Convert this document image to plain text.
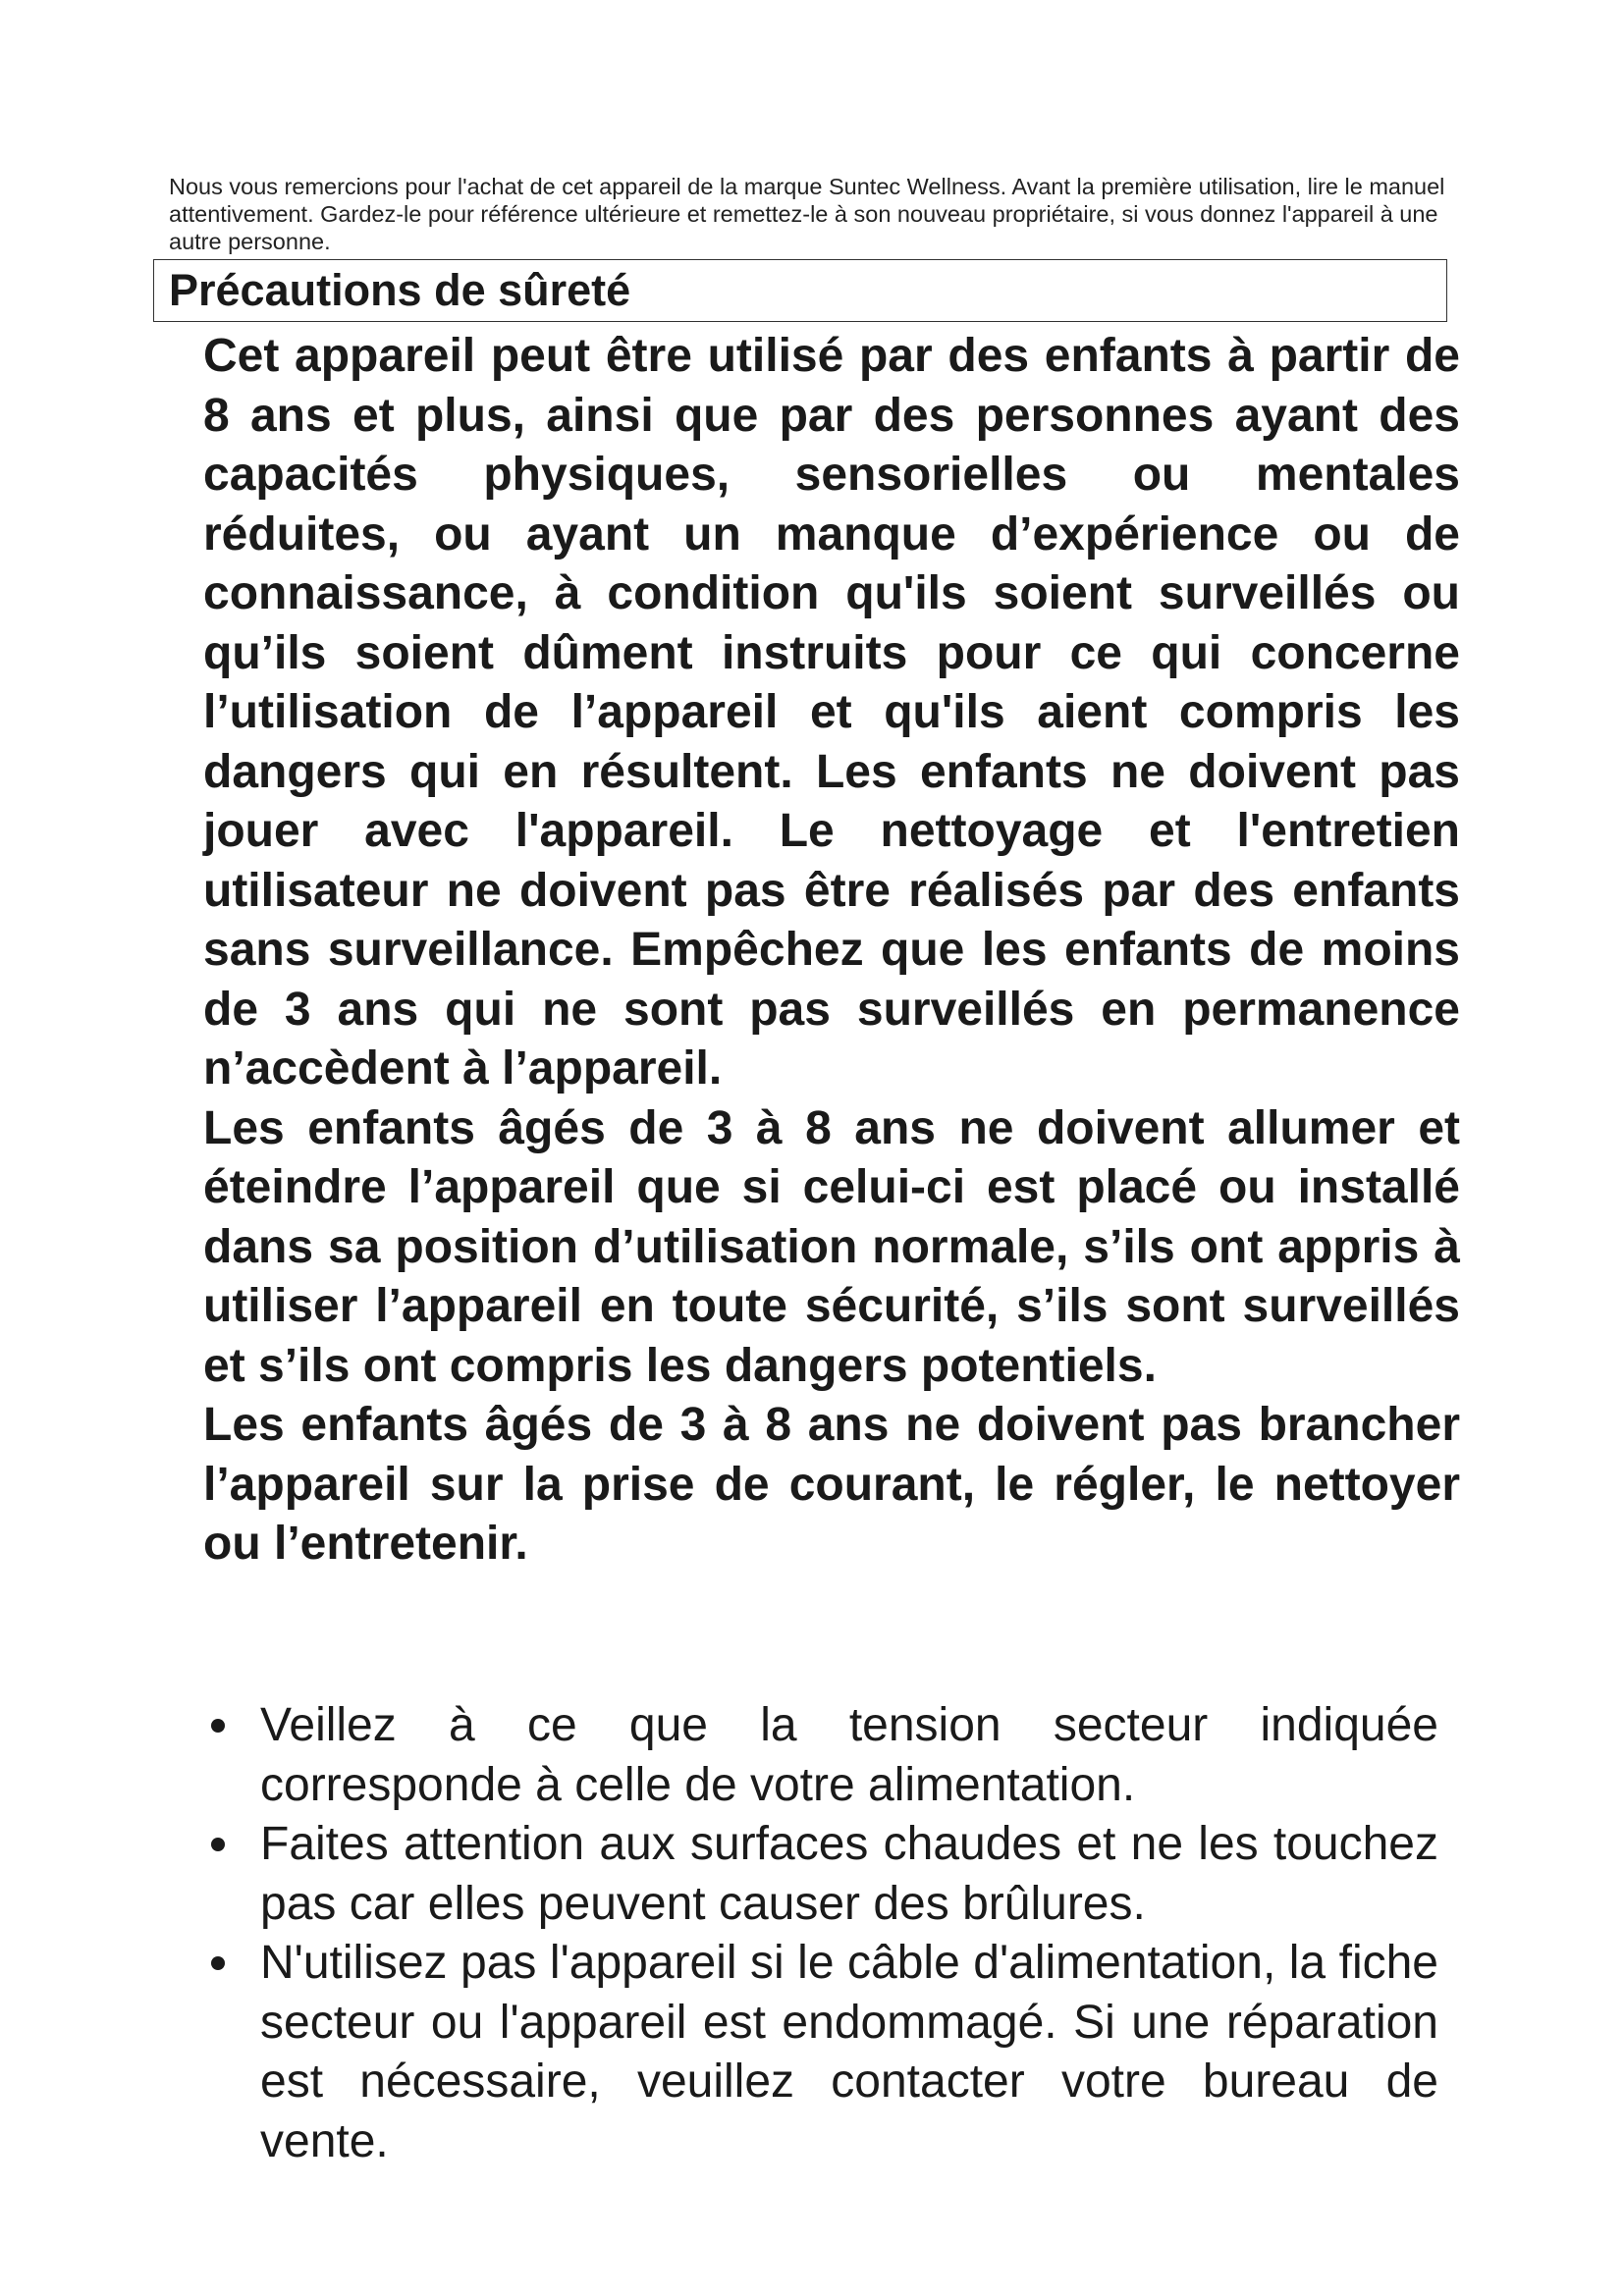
Nous vous remercions pour l'achat de cet appareil de la marque Suntec Wellness. Avant la première utilisation, lire le manuel attentivement. Gardez-le pour référence ultérieure et remettez-le à son nouveau propriétaire, si vous donnez l'appareil à une autre personne.

Précautions de sûreté

Cet appareil peut être utilisé par des enfants à partir de 8 ans et plus, ainsi que par des personnes ayant des capacités physiques, sensorielles ou mentales réduites, ou ayant un manque d’expérience ou de connaissance, à condition qu'ils soient surveillés ou qu’ils soient dûment instruits pour ce qui concerne l’utilisation de l’appareil et qu'ils aient compris les dangers qui en résultent. Les enfants ne doivent pas jouer avec l'appareil. Le nettoyage et l'entretien utilisateur ne doivent pas être réalisés par des enfants sans surveillance. Empêchez que les enfants de moins de 3 ans qui ne sont pas surveillés en permanence n’accèdent à l’appareil.

Les enfants âgés de 3 à 8 ans ne doivent allumer et éteindre l’appareil que si celui-ci est placé ou installé dans sa position d’utilisation normale, s’ils ont appris à utiliser l’appareil en toute sécurité, s’ils sont surveillés et s’ils ont compris les dangers potentiels.

Les enfants âgés de 3 à 8 ans ne doivent pas brancher l’appareil sur la prise de courant, le régler, le nettoyer ou l’entretenir.

Veillez à ce que la tension secteur indiquée corresponde à celle de votre alimentation.
Faites attention aux surfaces chaudes et ne les touchez pas car elles peuvent causer des brûlures.
N'utilisez pas l'appareil si le câble d'alimentation, la fiche secteur ou l'appareil est endommagé. Si une réparation est nécessaire, veuillez contacter votre bureau de vente.
